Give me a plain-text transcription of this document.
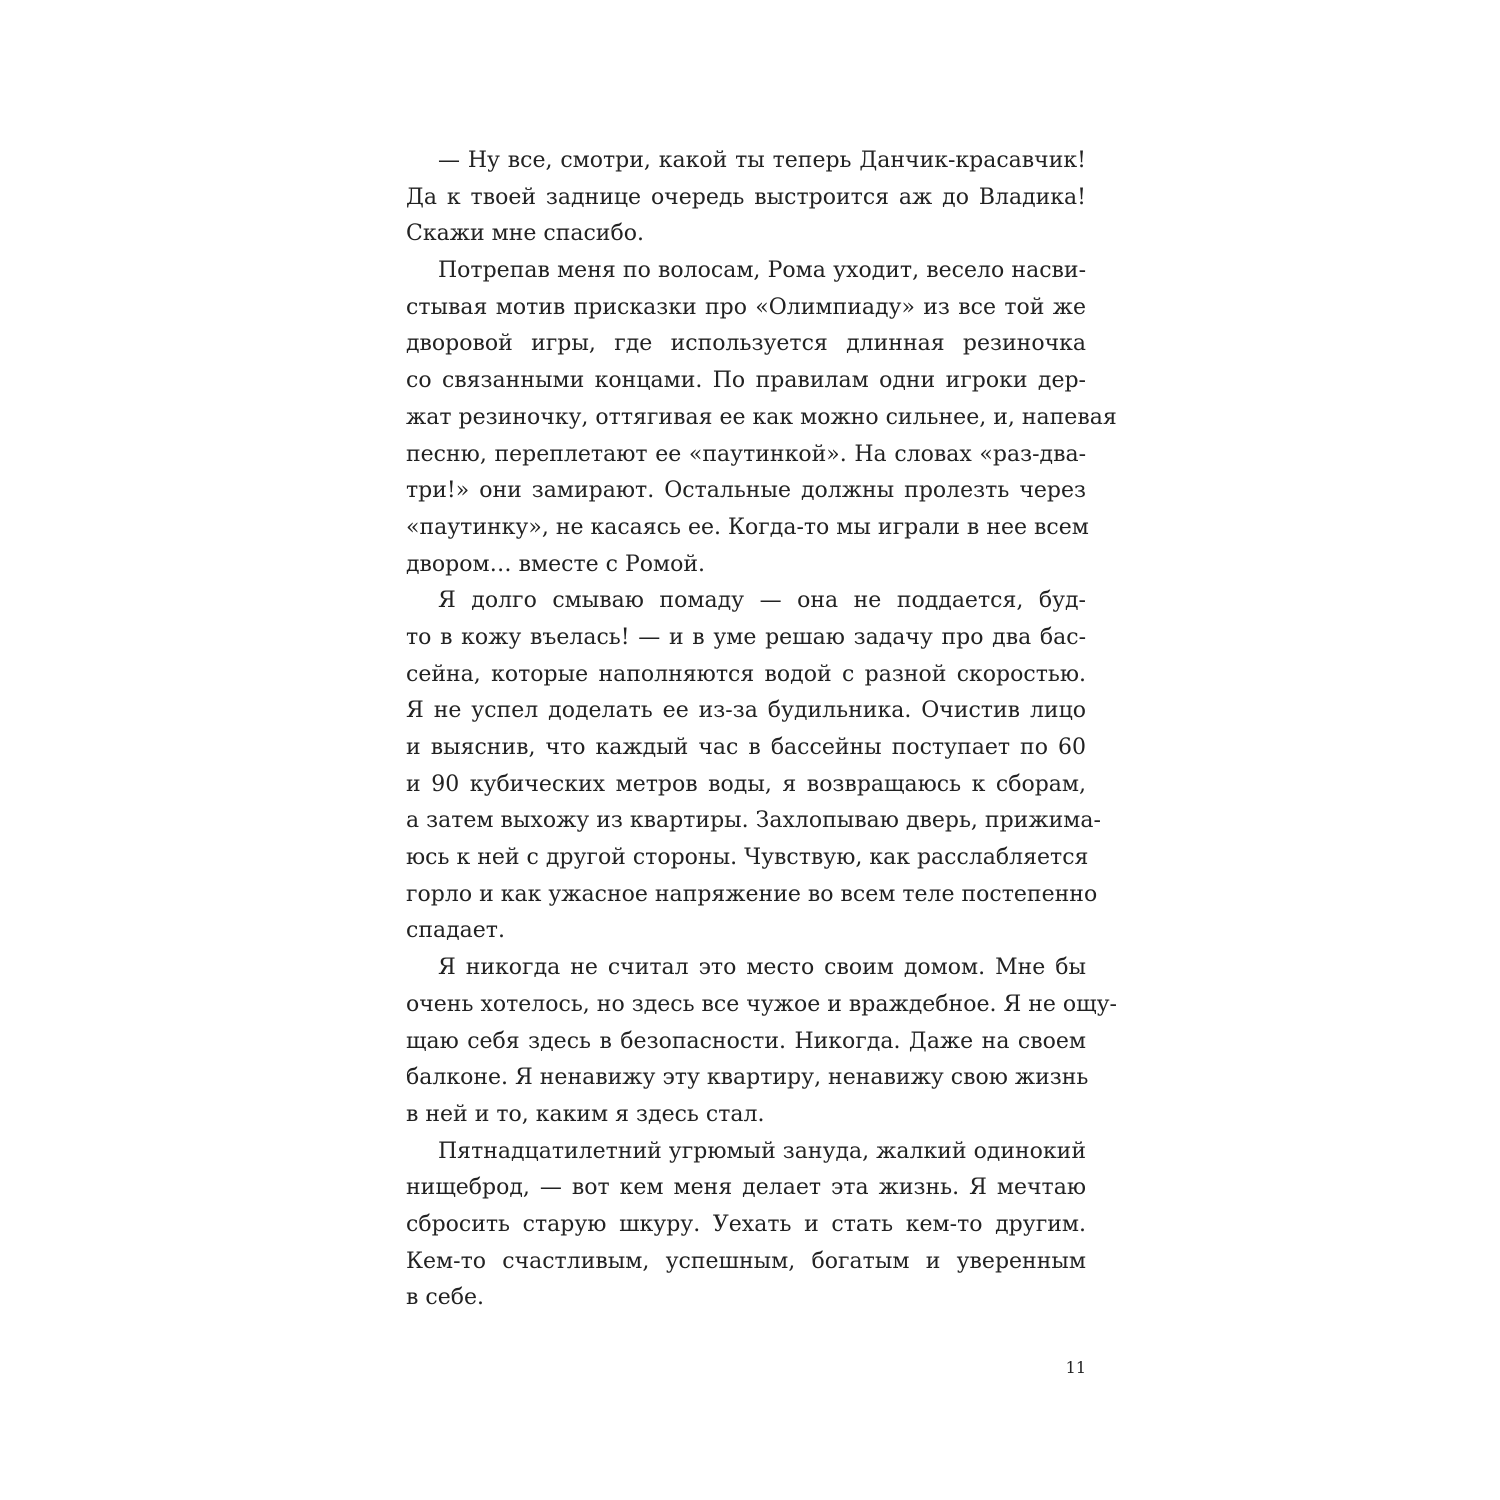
— Ну все, смотри, какой ты теперь Данчик-красавчик!
Да к твоей заднице очередь выстроится аж до Владика!
Скажи мне спасибо.
Потрепав меня по волосам, Рома уходит, весело насви-
стывая мотив присказки про «Олимпиаду» из все той же
дворовой игры, где используется длинная резиночка
со связанными концами. По правилам одни игроки дер-
жат резиночку, оттягивая ее как можно сильнее, и, напевая
песню, переплетают ее «паутинкой». На словах «раз-два-
три!» они замирают. Остальные должны пролезть через
«паутинку», не касаясь ее. Когда-то мы играли в нее всем
двором… вместе с Ромой.
Я долго смываю помаду — она не поддается, буд-
то в кожу въелась! — и в уме решаю задачу про два бас-
сейна, которые наполняются водой с разной скоростью.
Я не успел доделать ее из-за будильника. Очистив лицо
и выяснив, что каждый час в бассейны поступает по 60
и 90 кубических метров воды, я возвращаюсь к сборам,
а затем выхожу из квартиры. Захлопываю дверь, прижима-
юсь к ней с другой стороны. Чувствую, как расслабляется
горло и как ужасное напряжение во всем теле постепенно
спадает.
Я никогда не считал это место своим домом. Мне бы
очень хотелось, но здесь все чужое и враждебное. Я не ощу-
щаю себя здесь в безопасности. Никогда. Даже на своем
балконе. Я ненавижу эту квартиру, ненавижу свою жизнь
в ней и то, каким я здесь стал.
Пятнадцатилетний угрюмый зануда, жалкий одинокий
нищеброд, — вот кем меня делает эта жизнь. Я мечтаю
сбросить старую шкуру. Уехать и стать кем-то другим.
Кем-то счастливым, успешным, богатым и уверенным
в себе.
11
